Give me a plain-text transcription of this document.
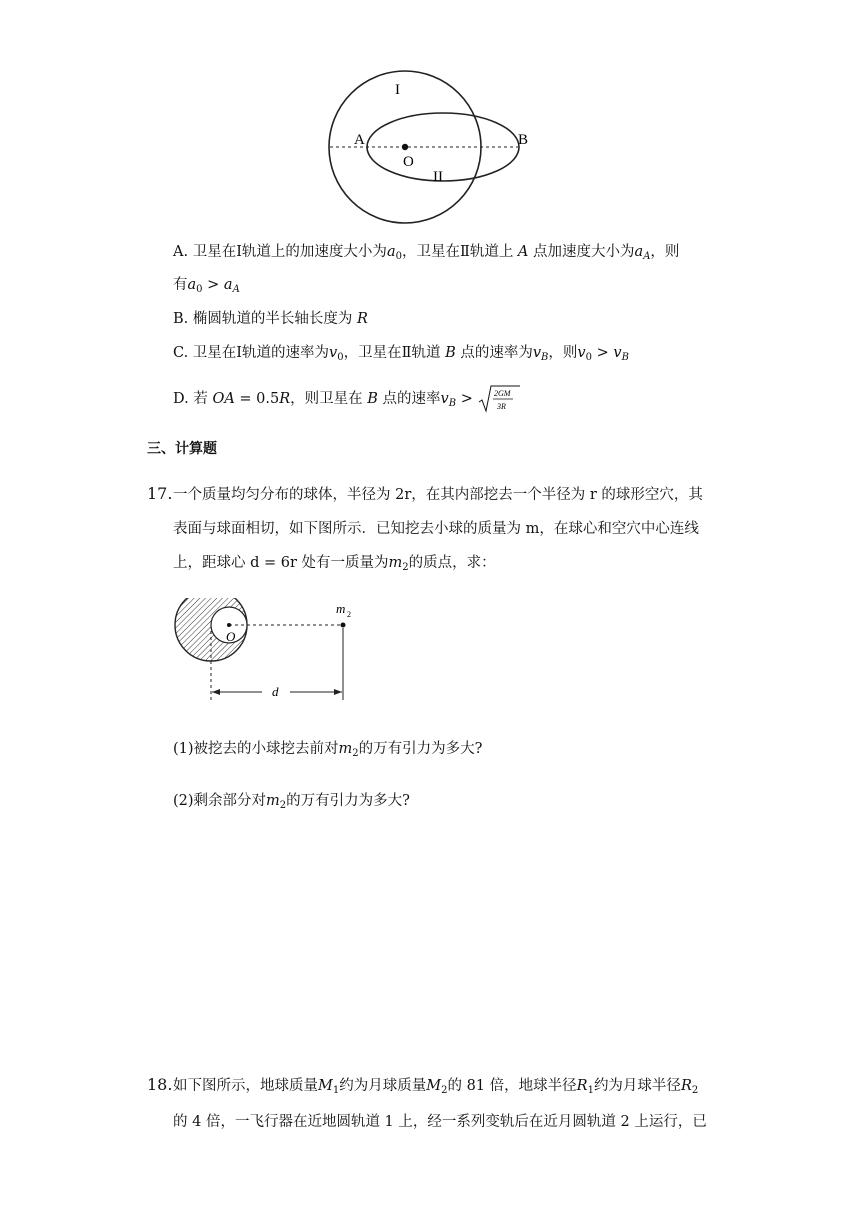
I
A	B
O
II
A. 卫星在Ⅰ轨道上的加速度大小为$a_0$，卫星在Ⅱ轨道上 A 点加速度大小为$a_A$，则
有$a_0 > a_A$
B. 椭圆轨道的半长轴长度为 R
C. 卫星在Ⅰ轨道的速率为$v_0$，卫星在Ⅱ轨道 B 点的速率为$v_B$，则$v_0 > v_B$
D. 若 OA = 0.5R，则卫星在 B 点的速率$v_B > 2GM$
3R
三、计算题
17. 一个质量均匀分布的球体，半径为 2r，在其内部挖去一个半径为 r 的球形空穴，其
表面与球面相切，如下图所示．已知挖去小球的质量为 m，在球心和空穴中心连线
上，距球心 d = 6r 处有一质量为$m_2$的质点，求：
m 2
O
d
(1)被挖去的小球挖去前对$m_2$的万有引力为多大?
(2)剩余部分对$m_2$的万有引力为多大?
18. 如下图所示，地球质量$M_1$约为月球质量$M_2$的 81 倍，地球半径$R_1$约为月球半径$R_2$
的 4 倍，一飞行器在近地圆轨道 1 上，经一系列变轨后在近月圆轨道 2 上运行，已
